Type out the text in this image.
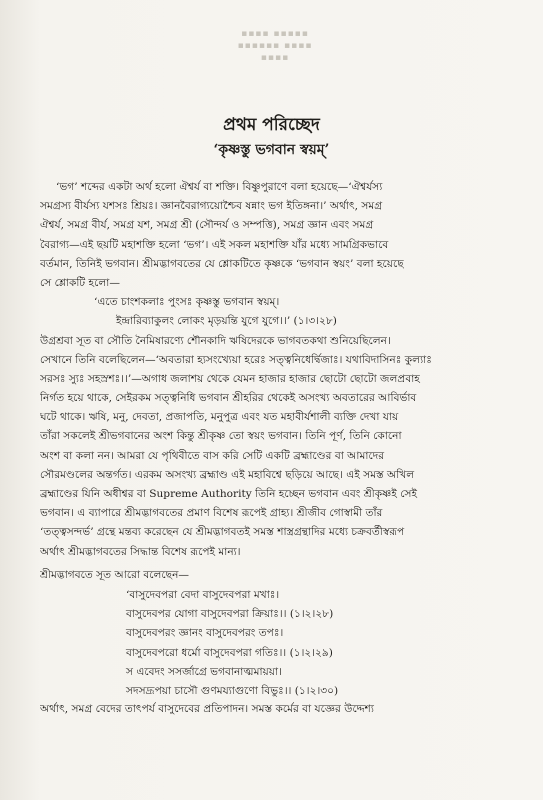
▪▪▪▪ ▪▪▪▪▪
▪▪▪▪▪▪ ▪▪▪▪
▪▪▪▪
প্রথম পরিচ্ছেদ
‘কৃষ্ণস্তু ভগবান স্বয়ম্‌’
‘ভগ’ শব্দের একটা অর্থ হলো ঐশ্বর্য বা শক্তি। বিষ্ণুপুরাণে বলা হয়েছে—‘ঐশ্বর্যস্য
সমগ্রস্য বীর্যস্য যশসঃ শ্রিয়ঃ। জ্ঞানবৈরাগ্যয়োশ্চৈব ষন্নাং ভগ ইতিঙ্গনা।’ অর্থাৎ, সমগ্র
ঐশ্বর্য, সমগ্র বীর্য, সমগ্র যশ, সমগ্র শ্রী (সৌন্দর্য ও সম্পত্তি), সমগ্র জ্ঞান এবং সমগ্র
বৈরাগ্য—এই ছয়টি মহাশক্তি হলো ‘ভগ’। এই সকল মহাশক্তি যাঁর মধ্যে সামগ্রিকভাবে
বর্তমান, তিনিই ভগবান। শ্রীমদ্ভাগবতের যে শ্লোকটিতে কৃষ্ণকে ‘ভগবান স্বয়ং’ বলা হয়েছে
সে শ্লোকটি হলো—
‘এতে চাংশকলাঃ পুংসঃ কৃষ্ণস্তু ভগবান স্বয়ম্‌।
ইন্দ্রারিব্যাকুলং লোকং মৃড়য়ন্তি যুগে যুগে।।’ (১।৩।২৮)
উগ্রশ্রবা সূত বা সৌতি নৈমিষারণ্যে শৌনকাদি ঋষিদেরকে ভাগবতকথা শুনিয়েছিলেন।
সেখানে তিনি বলেছিলেন—‘অবতারা হ্যসংখ্যেয়া হরেঃ সত্ত্বনিধের্দ্বিজাঃ। যথাবিদাসিনঃ কুল্যাঃ
সরসঃ স্যুঃ সহস্রশঃ।।’—অগাধ জলাশয় থেকে যেমন হাজার হাজার ছোটো ছোটো জলপ্রবাহ
নির্গত হয়ে থাকে, সেইরকম সত্ত্বনিধি ভগবান শ্রীহরির থেকেই অসংখ্য অবতারের আবির্ভাব
ঘটে থাকে। ঋষি, মনু, দেবতা, প্রজাপতি, মনুপুত্র এবং যত মহাবীর্যশালী ব্যক্তি দেখা যায়
তাঁরা সকলেই শ্রীভগবানের অংশ কিন্তু শ্রীকৃষ্ণ তো স্বয়ং ভগবান। তিনি পূর্ণ, তিনি কোনো
অংশ বা কলা নন। আমরা যে পৃথিবীতে বাস করি সেটি একটি ব্রহ্মাণ্ডের বা আমাদের
সৌরমণ্ডলের অন্তর্গত। এরকম অসংখ্য ব্রহ্মাণ্ড এই মহাবিশ্বে ছড়িয়ে আছে। এই সমস্ত অখিল
ব্রহ্মাণ্ডের যিনি অধীশ্বর বা Supreme Authority তিনি হচ্ছেন ভগবান এবং শ্রীকৃষ্ণই সেই
ভগবান। এ ব্যাপারে শ্রীমদ্ভাগবতের প্রমাণ বিশেষ রূপেই গ্রাহ্য। শ্রীজীব গোস্বামী তাঁর
‘তত্ত্বসন্দর্ভ’ গ্রন্থে মন্তব্য করেছেন যে শ্রীমদ্ভাগবতই সমস্ত শাস্ত্রগ্রন্থাদির মধ্যে চক্রবর্তীস্বরূপ
অর্থাৎ শ্রীমদ্ভাগবতের সিদ্ধান্ত বিশেষ রূপেই মান্য।
শ্রীমদ্ভাগবতে সূত আরো বলেছেন—
‘বাসুদেবপরা বেদা বাসুদেবপরা মখাঃ।
বাসুদেবপর যোগা বাসুদেবপরা ক্রিয়াঃ।। (১।২।২৮)
বাসুদেবপরং জ্ঞানং বাসুদেবপরং তপঃ।
বাসুদেবপরো ধর্মো বাসুদেবপরা গতিঃ।। (১।২।২৯)
স এবেদং সসর্জাগ্রে ভগবানাত্মমায়য়া।
সদসদ্রূপয়া চাসৌ গুণময্যাগুণো বিভুঃ।। (১।২।৩০)
অর্থাৎ, সমগ্র বেদের তাৎপর্য বাসুদেবের প্রতিপাদন। সমস্ত কর্মের বা যজ্ঞের উদ্দেশ্য
